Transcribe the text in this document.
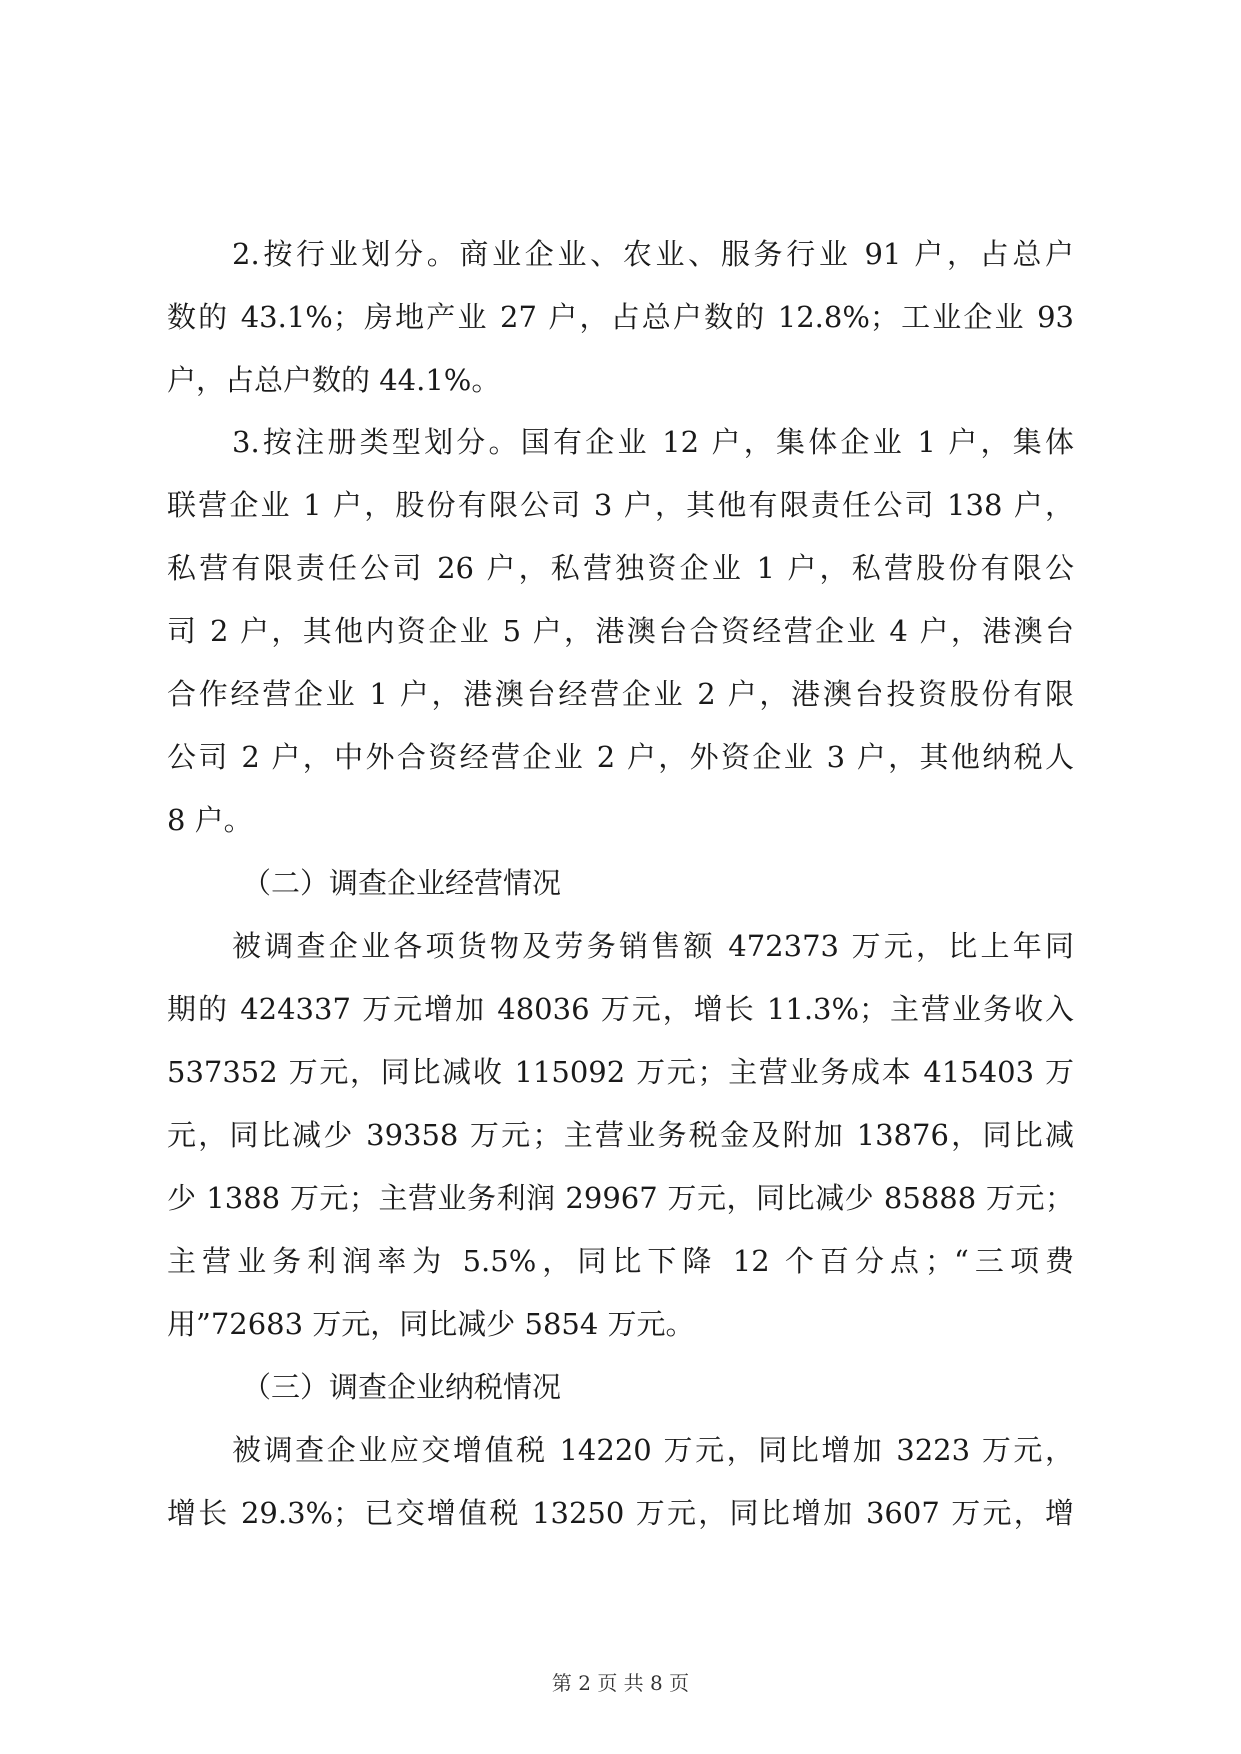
2.按行业划分。商业企业、农业、服务行业 91 户，占总户
数的 43.1%；房地产业 27 户，占总户数的 12.8%；工业企业 93
户，占总户数的 44.1%。
3.按注册类型划分。国有企业 12 户，集体企业 1 户，集体
联营企业 1 户，股份有限公司 3 户，其他有限责任公司 138 户，
私营有限责任公司 26 户，私营独资企业 1 户，私营股份有限公
司 2 户，其他内资企业 5 户，港澳台合资经营企业 4 户，港澳台
合作经营企业 1 户，港澳台经营企业 2 户，港澳台投资股份有限
公司 2 户，中外合资经营企业 2 户，外资企业 3 户，其他纳税人
8 户。
（二）调查企业经营情况
被调查企业各项货物及劳务销售额 472373 万元，比上年同
期的 424337 万元增加 48036 万元，增长 11.3%；主营业务收入
537352 万元，同比减收 115092 万元；主营业务成本 415403 万
元，同比减少 39358 万元；主营业务税金及附加 13876，同比减
少 1388 万元；主营业务利润 29967 万元，同比减少 85888 万元；
主营业务利润率为 5.5%，同比下降 12 个百分点；“三项费
用”72683 万元，同比减少 5854 万元。
（三）调查企业纳税情况
被调查企业应交增值税 14220 万元，同比增加 3223 万元，
增长 29.3%；已交增值税 13250 万元，同比增加 3607 万元，增
第 2 页 共 8 页
